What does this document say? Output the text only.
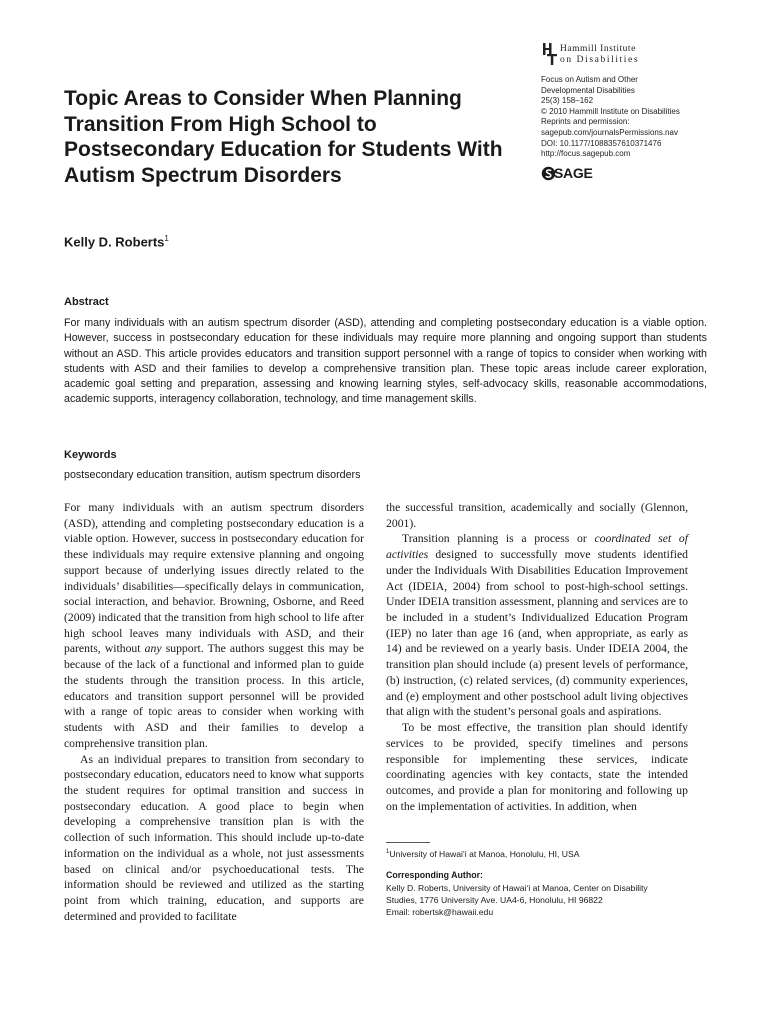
Hammill Institute
on Disabilities
Topic Areas to Consider When Planning Transition From High School to Postsecondary Education for Students With Autism Spectrum Disorders
Focus on Autism and Other
Developmental Disabilities
25(3) 158–162
© 2010 Hammill Institute on Disabilities
Reprints and permission:
sagepub.com/journalsPermissions.nav
DOI: 10.1177/1088357610371476
http://focus.sagepub.com
SAGE
Kelly D. Roberts$^1$
Abstract

For many individuals with an autism spectrum disorder (ASD), attending and completing postsecondary education is a viable option. However, success in postsecondary education for these individuals may require more planning and ongoing support than students without an ASD. This article provides educators and transition support personnel with a range of topics to consider when working with students with ASD and their families to develop a comprehensive transition plan. These topic areas include career exploration, academic goal setting and preparation, assessing and knowing learning styles, self-advocacy skills, reasonable accommodations, academic supports, interagency collaboration, technology, and time management skills.

Keywords
postsecondary education transition, autism spectrum disorders

For many individuals with an autism spectrum disorders (ASD), attending and completing postsecondary education is a viable option. However, success in postsecondary education for these individuals may require extensive planning and ongoing support because of underlying issues directly related to the individuals’ disabilities—specifically delays in communication, social interaction, and behavior. Browning, Osborne, and Reed (2009) indicated that the transition from high school to life after high school leaves many individuals with ASD, and their parents, without any support. The authors suggest this may be because of the lack of a functional and informed plan to guide the students through the transition process. In this article, educators and transition support personnel will be provided with a range of topic areas to consider when working with students with ASD and their families to develop a comprehensive transition plan.

As an individual prepares to transition from secondary to postsecondary education, educators need to know what supports the student requires for optimal transition and success in postsecondary education. A good place to begin when developing a comprehensive transition plan is with the collection of such information. This should include up-to-date information on the individual as a whole, not just assessments based on clinical and/or psychoeducational tests. The information should be reviewed and utilized as the starting point from which training, education, and supports are determined and provided to facilitate

the successful transition, academically and socially (Glennon, 2001).

Transition planning is a process or coordinated set of activities designed to successfully move students identified under the Individuals With Disabilities Education Improvement Act (IDEIA, 2004) from school to post-high-school settings. Under IDEIA transition assessment, planning and services are to be included in a student’s Individualized Education Program (IEP) no later than age 16 (and, when appropriate, as early as 14) and be reviewed on a yearly basis. Under IDEIA 2004, the transition plan should include (a) present levels of performance, (b) instruction, (c) related services, (d) community experiences, and (e) employment and other postschool adult living objectives that align with the student’s personal goals and aspirations.

To be most effective, the transition plan should identify services to be provided, specify timelines and persons responsible for implementing these services, indicate coordinating agencies with key contacts, state the intended outcomes, and provide a plan for monitoring and following up on the implementation of activities. In addition, when

$^1$University of Hawai‘i at Manoa, Honolulu, HI, USA
Corresponding Author:
Kelly D. Roberts, University of Hawai‘i at Manoa, Center on Disability
Studies, 1776 University Ave. UA4-6, Honolulu, HI 96822
Email: robertsk@hawaii.edu
